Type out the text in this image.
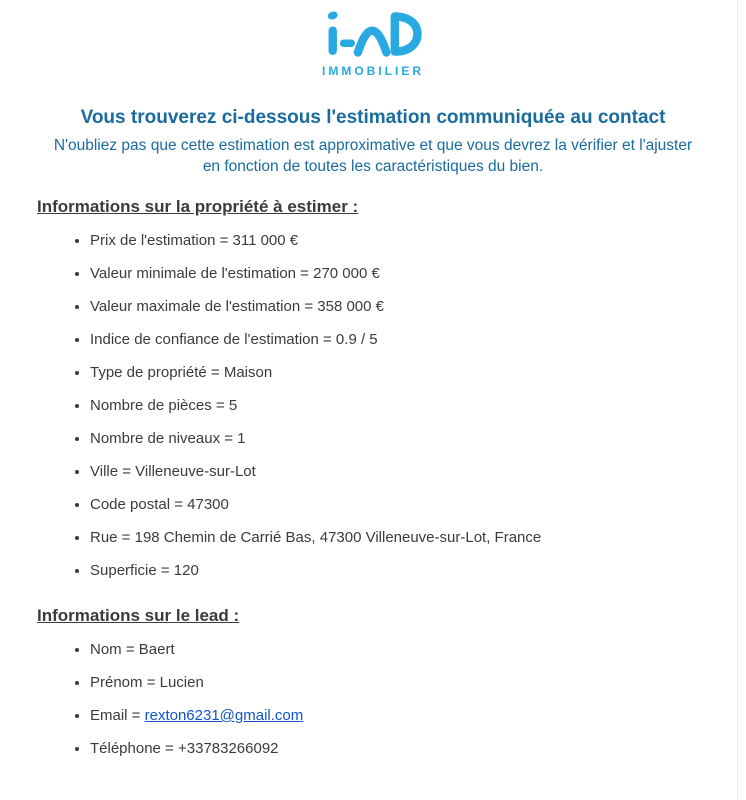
IMMOBILIER
Vous trouverez ci-dessous l'estimation communiquée au contact
N'oubliez pas que cette estimation est approximative et que vous devrez la vérifier et l'ajuster
en fonction de toutes les caractéristiques du bien.
Informations sur la propriété à estimer :
• Prix de l'estimation = 311 000 €
• Valeur minimale de l'estimation = 270 000 €
• Valeur maximale de l'estimation = 358 000 €
• Indice de confiance de l'estimation = 0.9 / 5
• Type de propriété = Maison
• Nombre de pièces = 5
• Nombre de niveaux = 1
• Ville = Villeneuve-sur-Lot
• Code postal = 47300
• Rue = 198 Chemin de Carrié Bas, 47300 Villeneuve-sur-Lot, France
• Superficie = 120
Informations sur le lead :
• Nom = Baert
• Prénom = Lucien
• Email = rexton6231@gmail.com
• Téléphone = +33783266092
